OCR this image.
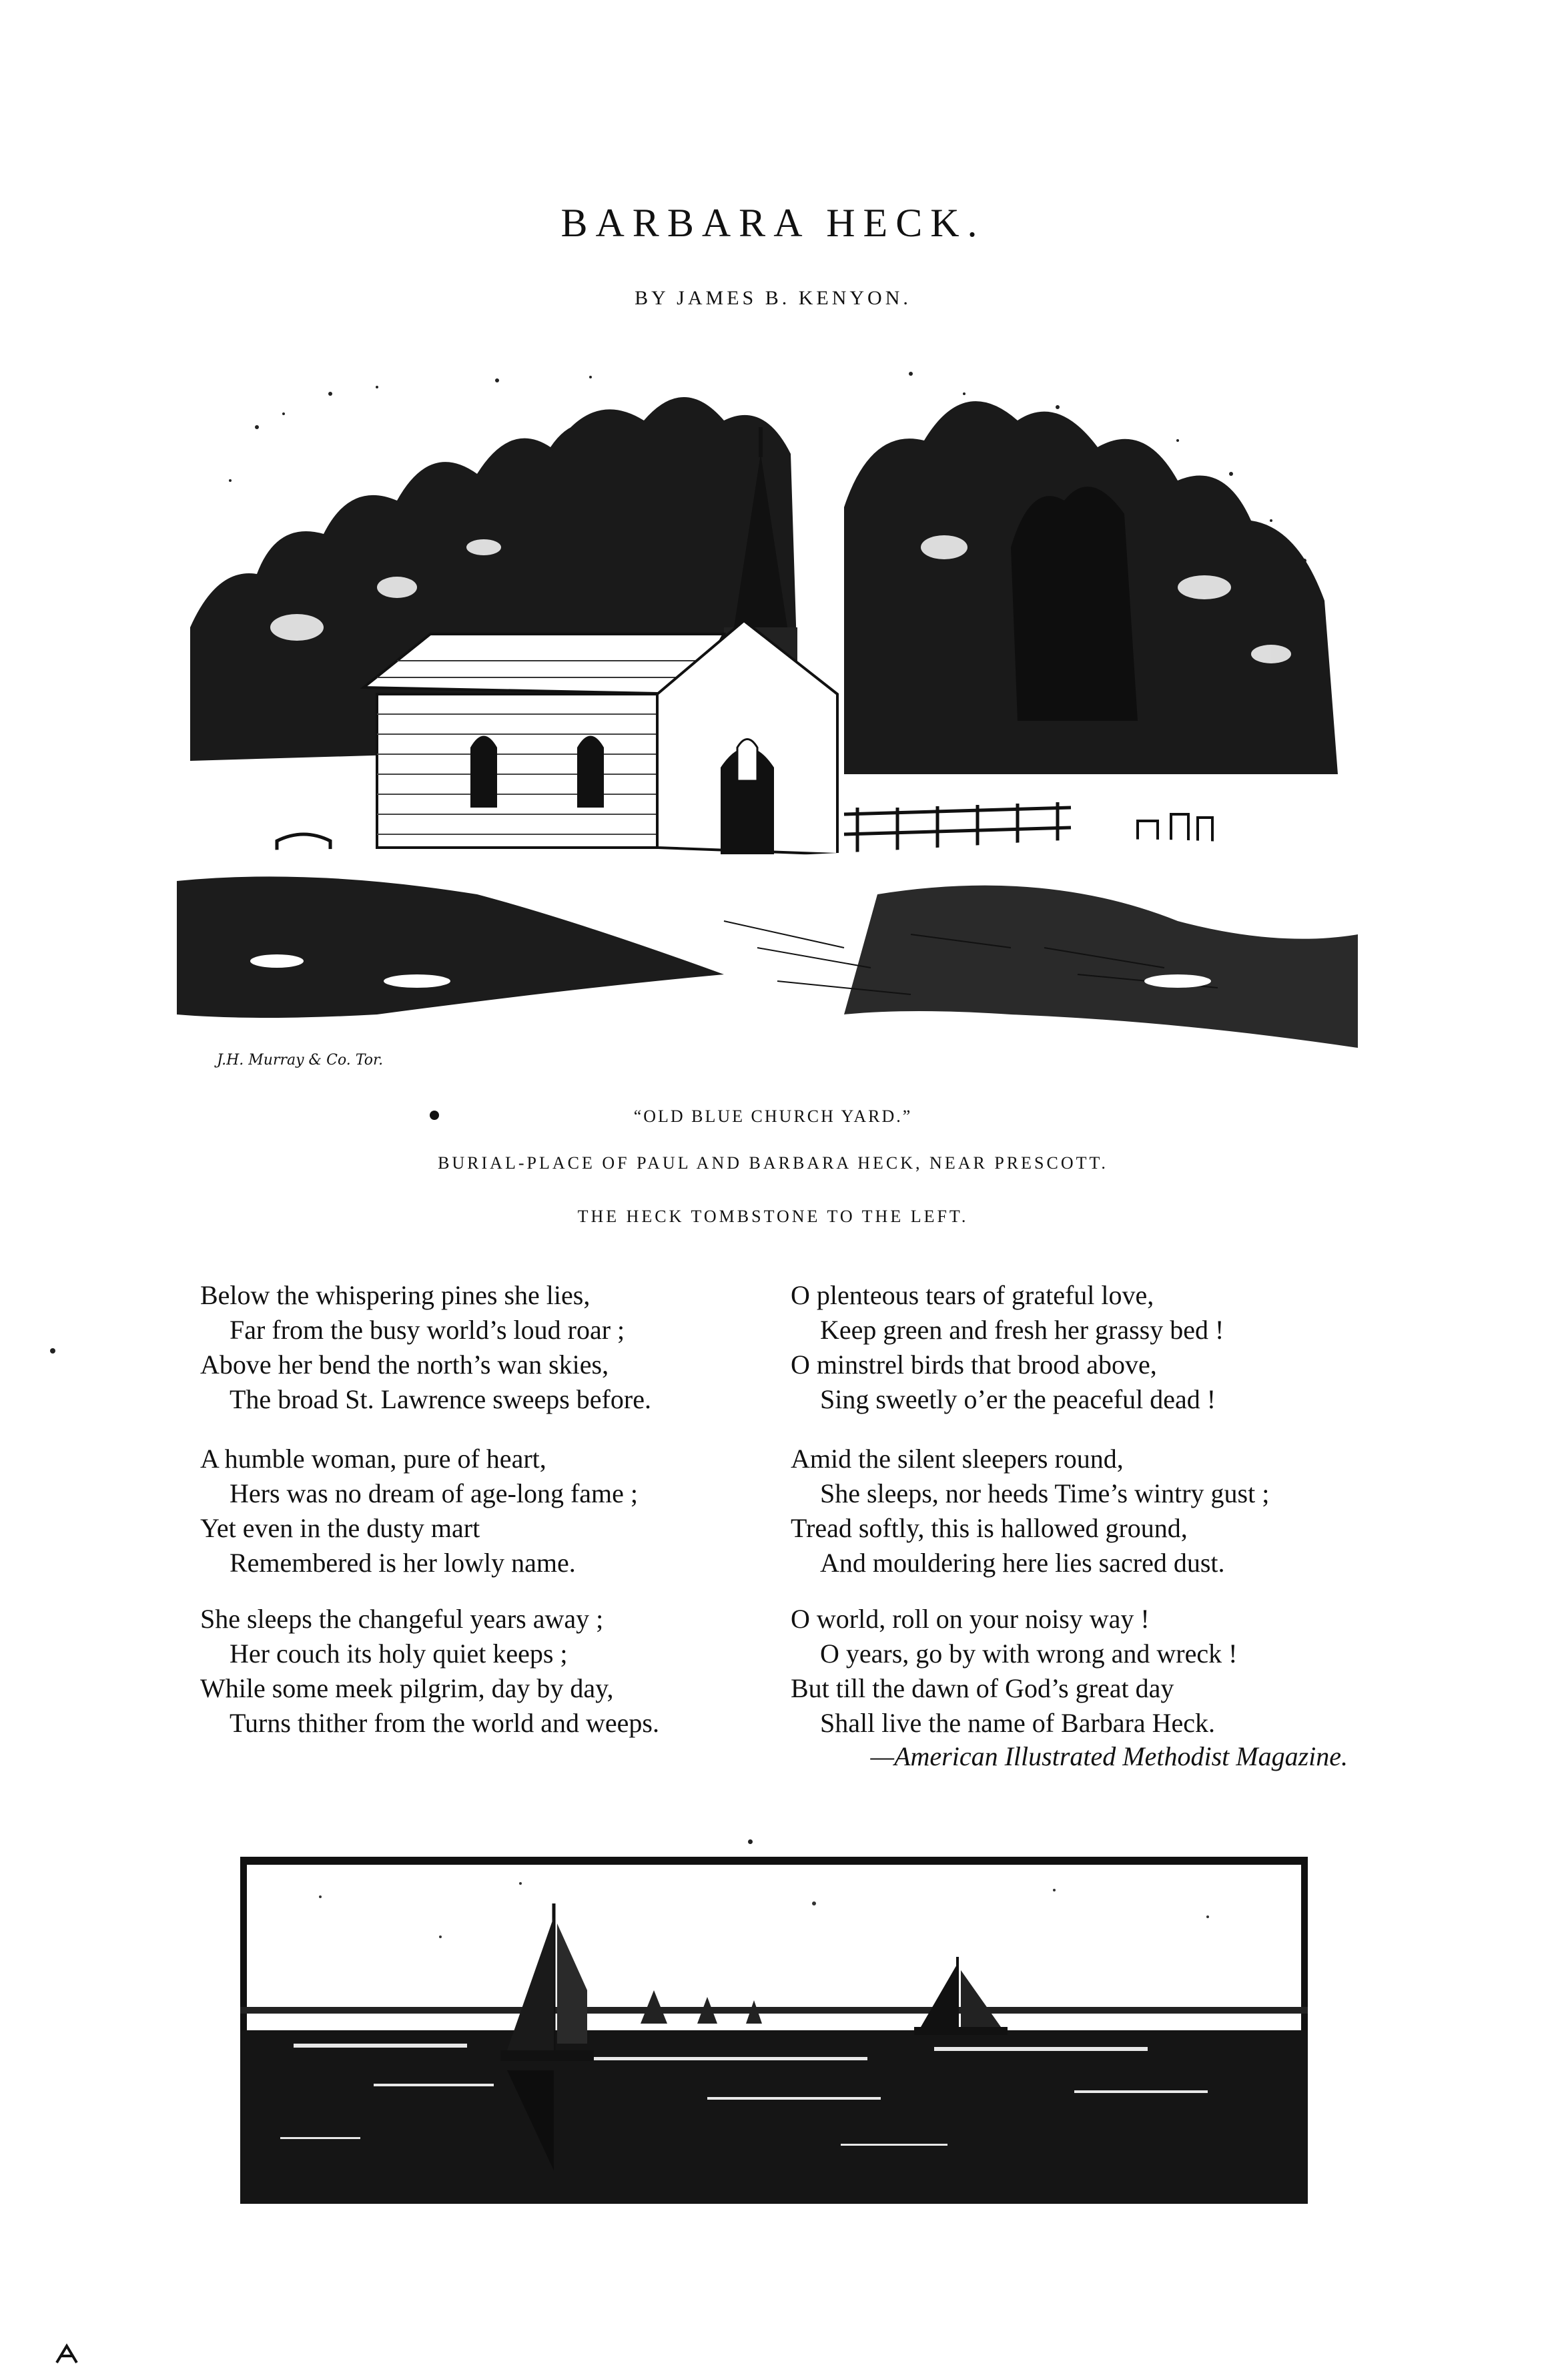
BARBARA HECK.
BY JAMES B. KENYON.
J.H. Murray & Co. Tor.
“OLD BLUE CHURCH YARD.”
BURIAL-PLACE OF PAUL AND BARBARA HECK, NEAR PRESCOTT.
THE HECK TOMBSTONE TO THE LEFT.
Below the whispering pines she lies,
Far from the busy world’s loud roar ;
Above her bend the north’s wan skies,
The broad St. Lawrence sweeps before.
A humble woman, pure of heart,
Hers was no dream of age-long fame ;
Yet even in the dusty mart
Remembered is her lowly name.
She sleeps the changeful years away ;
Her couch its holy quiet keeps ;
While some meek pilgrim, day by day,
Turns thither from the world and weeps.
O plenteous tears of grateful love,
Keep green and fresh her grassy bed !
O minstrel birds that brood above,
Sing sweetly o’er the peaceful dead !
Amid the silent sleepers round,
She sleeps, nor heeds Time’s wintry gust ;
Tread softly, this is hallowed ground,
And mouldering here lies sacred dust.
O world, roll on your noisy way !
O years, go by with wrong and wreck !
But till the dawn of God’s great day
Shall live the name of Barbara Heck.
—American Illustrated Methodist Magazine.
